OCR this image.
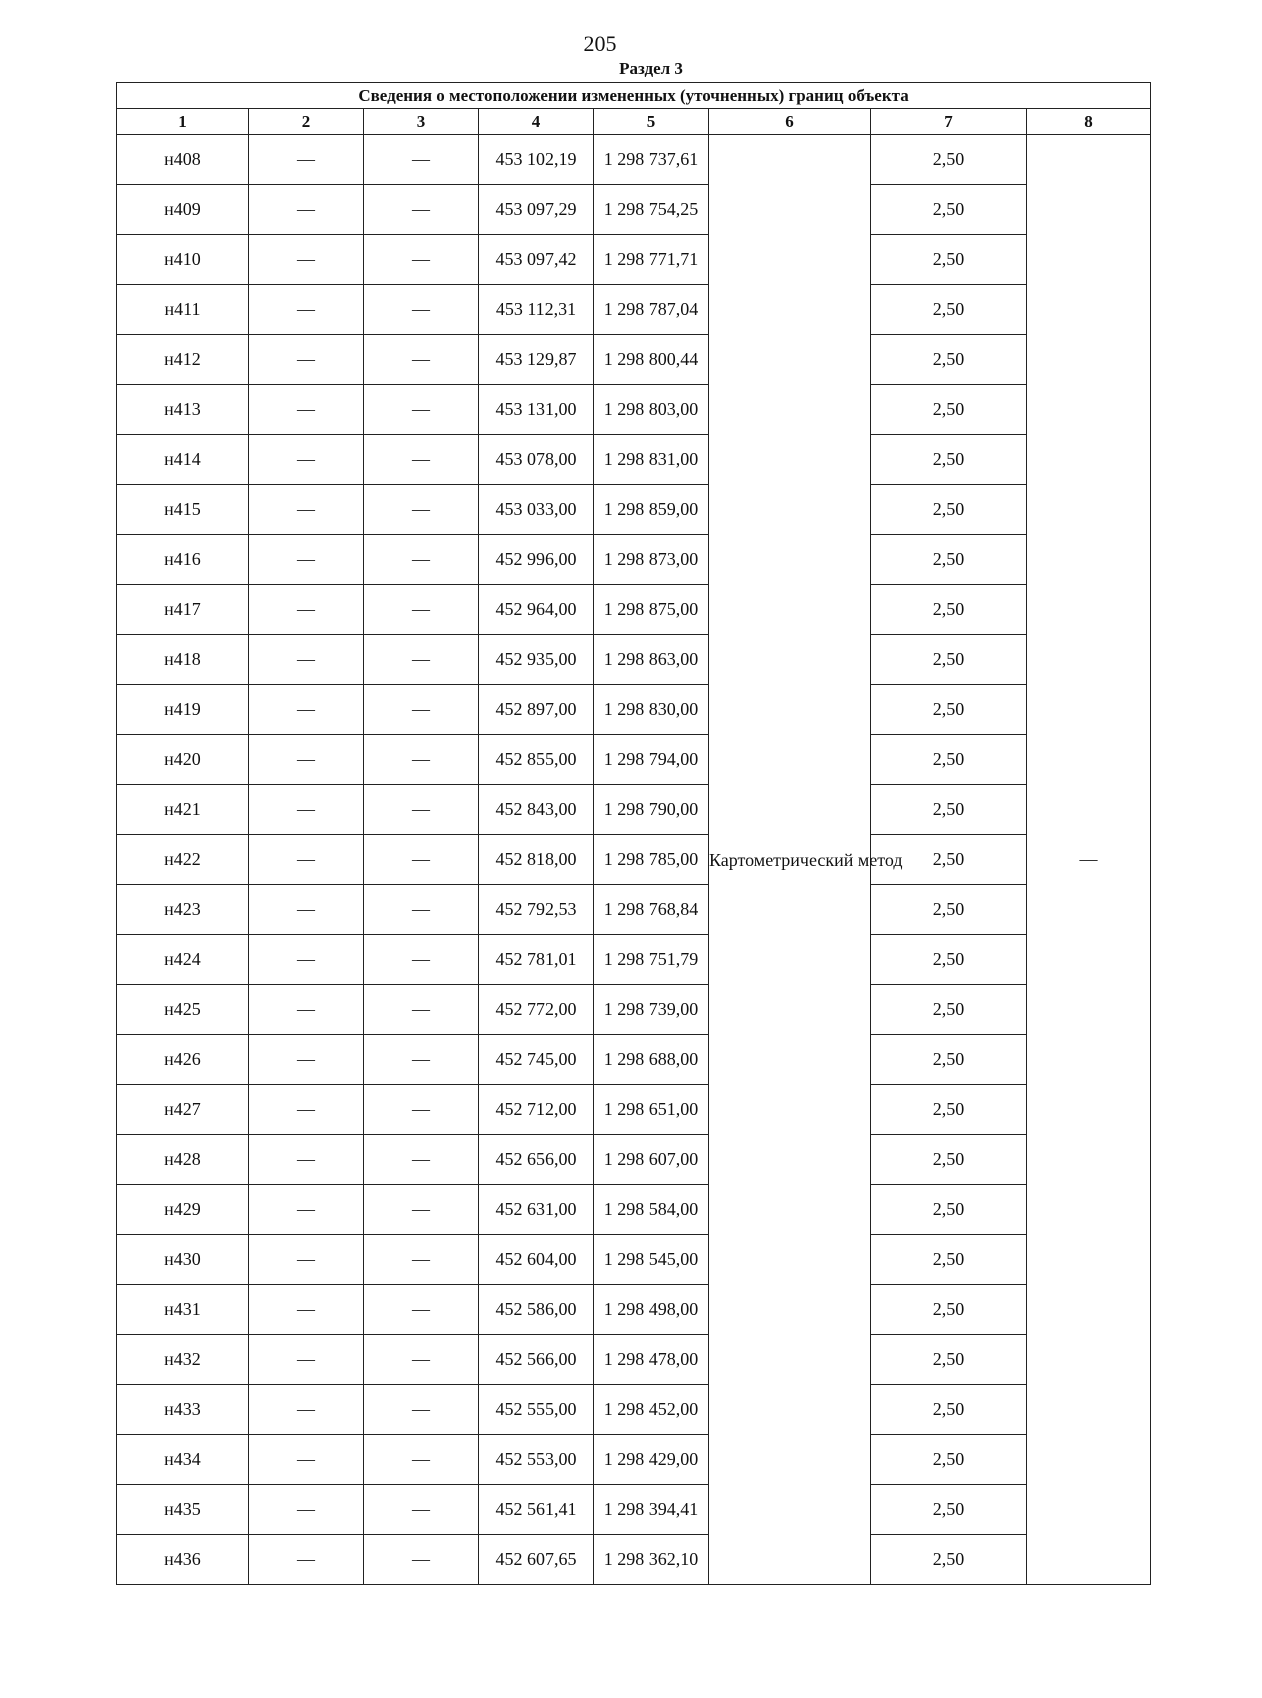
205
Раздел 3
Сведения о местоположении измененных (уточненных) границ объекта							
1	2	3	4	5	6	7	8
н408	—	—	453 102,19	1 298 737,61	Картометрический метод	2,50	—
н409	—	—	453 097,29	1 298 754,25		2,50	
н410	—	—	453 097,42	1 298 771,71		2,50	
н411	—	—	453 112,31	1 298 787,04		2,50	
н412	—	—	453 129,87	1 298 800,44		2,50	
н413	—	—	453 131,00	1 298 803,00		2,50	
н414	—	—	453 078,00	1 298 831,00		2,50	
н415	—	—	453 033,00	1 298 859,00		2,50	
н416	—	—	452 996,00	1 298 873,00		2,50	
н417	—	—	452 964,00	1 298 875,00		2,50	
н418	—	—	452 935,00	1 298 863,00		2,50	
н419	—	—	452 897,00	1 298 830,00		2,50	
н420	—	—	452 855,00	1 298 794,00		2,50	
н421	—	—	452 843,00	1 298 790,00		2,50	
н422	—	—	452 818,00	1 298 785,00		2,50	
н423	—	—	452 792,53	1 298 768,84		2,50	
н424	—	—	452 781,01	1 298 751,79		2,50	
н425	—	—	452 772,00	1 298 739,00		2,50	
н426	—	—	452 745,00	1 298 688,00		2,50	
н427	—	—	452 712,00	1 298 651,00		2,50	
н428	—	—	452 656,00	1 298 607,00		2,50	
н429	—	—	452 631,00	1 298 584,00		2,50	
н430	—	—	452 604,00	1 298 545,00		2,50	
н431	—	—	452 586,00	1 298 498,00		2,50	
н432	—	—	452 566,00	1 298 478,00		2,50	
н433	—	—	452 555,00	1 298 452,00		2,50	
н434	—	—	452 553,00	1 298 429,00		2,50	
н435	—	—	452 561,41	1 298 394,41		2,50	
н436	—	—	452 607,65	1 298 362,10		2,50	
